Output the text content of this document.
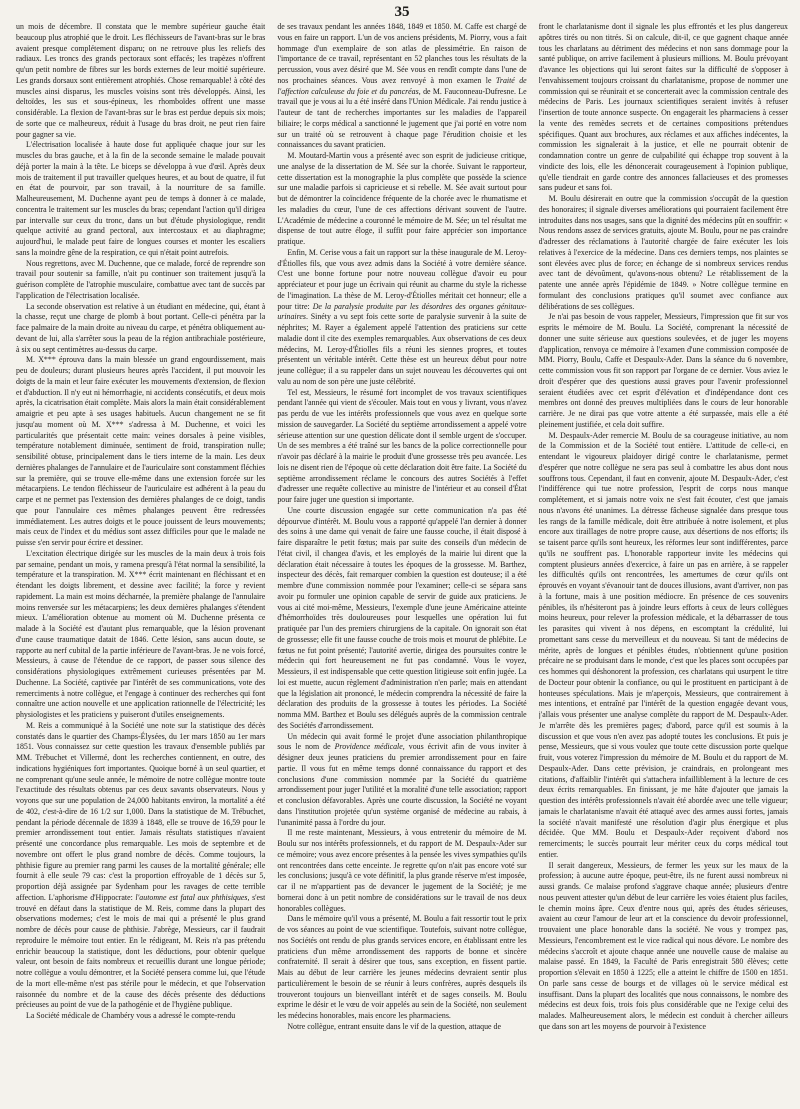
35

un mois de décembre. Il constata que le membre supérieur gauche était beaucoup plus atrophié que le droit. Les fléchisseurs de l'avant-bras sur le bras avaient presque complétement disparu; on ne retrouve plus les reliefs des radiaux. Les troncs des grands pectoraux sont effacés; les trapèzes n'offrent qu'un petit nombre de fibres sur les bords externes de leur moitié supérieure. Les grands dorsaux sont entièrement atrophiés. Chose remarquable! à côté des muscles ainsi disparus, les muscles voisins sont très développés. Ainsi, les deltoïdes, les sus et sous-épineux, les rhomboïdes offrent une masse considérable. La flexion de l'avant-bras sur le bras est perdue depuis six mois; de sorte que ce malheureux, réduit à l'usage du bras droit, ne peut rien faire pour gagner sa vie.

L'électrisation localisée à haute dose fut appliquée chaque jour sur les muscles du bras gauche, et à la fin de la seconde semaine le malade pouvait déjà porter la main à la tête. Le biceps se développa à vue d'œil. Après deux mois de traitement il put travailler quelques heures, et au bout de quatre, il fut en état de pourvoir, par son travail, à la nourriture de sa famille. Malheureusement, M. Duchenne ayant peu de temps à donner à ce malade, concentra le traitement sur les muscles du bras; cependant l'action qu'il dirigea par intervalle sur ceux du tronc, dans un but d'étude physiologique, rendit quelque activité au grand pectoral, aux intercostaux et au diaphragme; aujourd'hui, le malade peut faire de longues courses et monter les escaliers sans la moindre gêne de la respiration, ce qui n'était point autrefois.

Nous regrettons, avec M. Duchenne, que ce malade, forcé de reprendre son travail pour soutenir sa famille, n'ait pu continuer son traitement jusqu'à la guérison complète de l'atrophie musculaire, combattue avec tant de succès par l'application de l'électrisation localisée.

La seconde observation est relative à un étudiant en médecine, qui, étant à la chasse, reçut une charge de plomb à bout portant. Celle-ci pénétra par la face palmaire de la main droite au niveau du carpe, et pénétra obliquement au-devant de lui, alla s'arrêter sous la peau de la région antibrachiale postérieure, à six ou sept centimètres au-dessus du carpe.

M. X*** éprouva dans la main blessée un grand engourdissement, mais peu de douleurs; durant plusieurs heures après l'accident, il put mouvoir les doigts de la main et leur faire exécuter les mouvements d'extension, de flexion et d'abduction. Il n'y eut ni hémorrhagie, ni accidents consécutifs, et deux mois après, la cicatrisation était complète. Mais alors la main était considérablement amaigrie et peu apte à ses usages habituels. Aucun changement ne se fit jusqu'au moment où M. X*** s'adressa à M. Duchenne, et voici les particularités que présentait cette main: veines dorsales à peine visibles, température notablement diminuée, sentiment de froid, transpiration nulle; sensibilité obtuse, principalement dans le tiers interne de la main. Les deux dernières phalanges de l'annulaire et de l'auriculaire sont constamment fléchies sur la première, qui se trouve elle-même dans une extension forcée sur les métacarpiens. Le tendon fléchisseur de l'auriculaire est adhérent à la peau du carpe et ne permet pas l'extension des dernières phalanges de ce doigt, tandis que pour l'annulaire ces mêmes phalanges peuvent être redressées immédiatement. Les autres doigts et le pouce jouissent de leurs mouvements; mais ceux de l'index et du médius sont assez difficiles pour que le malade ne puisse s'en servir pour écrire et dessiner.

L'excitation électrique dirigée sur les muscles de la main deux à trois fois par semaine, pendant un mois, y ramena presqu'à l'état normal la sensibilité, la température et la transpiration. M. X*** écrit maintenant en fléchissant et en étendant les doigts librement, et dessine avec facilité; la force y revient rapidement. La main est moins décharnée, la première phalange de l'annulaire moins renversée sur les métacarpiens; les deux dernières phalanges s'étendent mieux. L'amélioration obtenue au moment où M. Duchenne présenta ce malade à la Société est d'autant plus remarquable, que la lésion provenant d'une cause traumatique datait de 1846. Cette lésion, sans aucun doute, se rapporte au nerf cubital de la partie inférieure de l'avant-bras. Je ne vois forcé, Messieurs, à cause de l'étendue de ce rapport, de passer sous silence des considérations physiologiques extrêmement curieuses présentées par M. Duchenne. La Société, captivée par l'intérêt de ses communications, vote des remerciments à notre collègue, et l'engage à continuer des recherches qui font connaître une action nouvelle et une application rationnelle de l'électricité; les physiologistes et les praticiens y puiseront d'utiles enseignements.

M. Reis a communiqué à la Société une note sur la statistique des décès constatés dans le quartier des Champs-Élysées, du 1er mars 1850 au 1er mars 1851. Vous connaissez sur cette question les travaux d'ensemble publiés par MM. Trébuchet et Villermé, dont les recherches contiennent, en outre, des indications hygiéniques fort importantes. Quoique borné à un seul quartier, et ne comprenant qu'une seule année, le mémoire de notre collègue montre toute l'exactitude des résultats obtenus par ces deux savants observateurs. Nous y voyons que sur une population de 24,000 habitants environ, la mortalité a été de 402, c'est-à-dire de 16 1/2 sur 1,000. Dans la statistique de M. Trébuchet, pendant la période décennale de 1839 à 1848, elle se trouve de 16,59 pour le premier arrondissement tout entier. Jamais résultats statistiques n'avaient présenté une concordance plus remarquable. Les mois de septembre et de novembre ont offert le plus grand nombre de décès. Comme toujours, la phthisie figure au premier rang parmi les causes de la mortalité générale; elle fournit à elle seule 79 cas: c'est la proportion effroyable de 1 décès sur 5, proportion déjà assignée par Sydenham pour les ravages de cette terrible affection. L'aphorisme d'Hippocrate: l'automne est fatal aux phthisiques, s'est trouvé en défaut dans la statistique de M. Reis, comme dans la plupart des observations modernes; c'est le mois de mai qui a présenté le plus grand nombre de décès pour cause de phthisie. J'abrège, Messieurs, car il faudrait reproduire le mémoire tout entier. En le rédigeant, M. Reis n'a pas prétendu enrichir beaucoup la statistique, dont les déductions, pour obtenir quelque valeur, ont besoin de faits nombreux et recueillis durant une longue période; notre collègue a voulu démontrer, et la Société pensera comme lui, que l'étude de la mort elle-même n'est pas stérile pour le médecin, et que l'observation raisonnée du nombre et de la cause des décès présente des déductions précieuses au point de vue de la pathogénie et de l'hygiène publique.

La Société médicale de Chambéry vous a adressé le compte-rendu

de ses travaux pendant les années 1848, 1849 et 1850. M. Caffe est chargé de vous en faire un rapport. L'un de vos anciens présidents, M. Piorry, vous a fait hommage d'un exemplaire de son atlas de plessimétrie. En raison de l'importance de ce travail, représentant en 52 planches tous les résultats de la percussion, vous avez désiré que M. Sée vous en rendît compte dans l'une de nos prochaines séances. Vous avez renvoyé à mon examen le Traité de l'affection calculeuse du foie et du pancréas, de M. Fauconneau-Dufresne. Le travail que je vous ai lu a été inséré dans l'Union Médicale. J'ai rendu justice à l'auteur de tant de recherches importantes sur les maladies de l'appareil biliaire; le corps médical a sanctionné le jugement que j'ai porté en votre nom sur un traité où se retrouvent à chaque page l'érudition choisie et les connaissances du savant praticien.

M. Moutard-Martin vous a présenté avec son esprit de judicieuse critique, une analyse de la dissertation de M. Sée sur la chorée. Suivant le rapporteur, cette dissertation est la monographie la plus complète que possède la science sur une maladie parfois si capricieuse et si rebelle. M. Sée avait surtout pour but de démontrer la coïncidence fréquente de la chorée avec le rhumatisme et les maladies du cœur, l'une de ces affections dérivant souvent de l'autre. L'Académie de médecine a couronné le mémoire de M. Sée; un tel résultat me dispense de tout autre éloge, il suffit pour faire apprécier son importance pratique.

Enfin, M. Cerise vous a fait un rapport sur la thèse inaugurale de M. Leroy-d'Étiolles fils, que vous avez admis dans la Société à votre dernière séance. C'est une bonne fortune pour notre nouveau collègue d'avoir eu pour appréciateur et pour juge un écrivain qui réunit au charme du style la richesse de l'imagination. La thèse de M. Leroy-d'Étiolles méritait cet honneur; elle a pour titre: De la paralysie produite par les désordres des organes génitaux-urinaires. Sinéty a vu sept fois cette sorte de paralysie survenir à la suite de néphrites; M. Rayer a également appelé l'attention des praticiens sur cette maladie dont il cite des exemples remarquables. Aux observations de ces deux médecins, M. Leroy-d'Étiolles fils a réuni les siennes propres, et toutes présentent un véritable intérêt. Cette thèse est un heureux début pour notre jeune collègue; il a su rappeler dans un sujet nouveau les découvertes qui ont valu au nom de son père une juste célébrité.

Tel est, Messieurs, le résumé fort incomplet de vos travaux scientifiques pendant l'année qui vient de s'écouler. Mais tout en vous y livrant, vous n'avez pas perdu de vue les intérêts professionnels que vous avez en quelque sorte mission de sauvegarder. La Société du septième arrondissement a appelé votre sérieuse attention sur une question délicate dont il semble urgent de s'occuper. Un de ses membres a été traîné sur les bancs de la police correctionnelle pour n'avoir pas déclaré à la mairie le produit d'une grossesse très peu avancée. Les lois ne disent rien de l'époque où cette déclaration doit être faite. La Société du septième arrondissement réclame le concours des autres Sociétés à l'effet d'adresser une requête collective au ministre de l'intérieur et au conseil d'État pour faire juger une question si importante.

Une courte discussion engagée sur cette communication n'a pas été dépourvue d'intérêt. M. Boulu vous a rapporté qu'appelé l'an dernier à donner des soins à une dame qui venait de faire une fausse couche, il était disposé à faire disparaître le petit fœtus; mais par suite des conseils d'un médecin de l'état civil, il changea d'avis, et les employés de la mairie lui dirent que la déclaration était nécessaire à toutes les époques de la grossesse. M. Barthez, inspecteur des décès, fait remarquer combien la question est douteuse; il a été membre d'une commission nommée pour l'examiner; celle-ci se sépara sans avoir pu formuler une opinion capable de servir de guide aux praticiens. Je vous ai cité moi-même, Messieurs, l'exemple d'une jeune Américaine atteinte d'hémorrhoïdes très douloureuses pour lesquelles une opération lui fut pratiquée par l'un des premiers chirurgiens de la capitale. On ignorait son état de grossesse; elle fit une fausse couche de trois mois et mourut de phlébite. Le fœtus ne fut point présenté; l'autorité avertie, dirigea des poursuites contre le médecin qui fort heureusement ne fut pas condamné. Vous le voyez, Messieurs, il est indispensable que cette question litigieuse soit enfin jugée. La loi est muette, aucun règlement d'administration n'en parle; mais en attendant que la législation ait prononcé, le médecin comprendra la nécessité de faire la déclaration des produits de la grossesse à toutes les périodes. La Société nomma MM. Barthez et Boulu ses délégués auprès de la commission centrale des Sociétés d'arrondissement.

Un médecin qui avait formé le projet d'une association philanthropique sous le nom de Providence médicale, vous écrivit afin de vous inviter à désigner deux jeunes praticiens du premier arrondissement pour en faire partie. Il vous fut en même temps donné connaissance du rapport et des conclusions d'une commission nommée par la Société du quatrième arrondissement pour juger l'utilité et la moralité d'une telle association; rapport et conclusion défavorables. Après une courte discussion, la Société ne voyant dans l'institution projetée qu'un système organisé de médecine au rabais, à l'unanimité passa à l'ordre du jour.

Il me reste maintenant, Messieurs, à vous entretenir du mémoire de M. Boulu sur nos intérêts professionnels, et du rapport de M. Despaulx-Ader sur ce mémoire; vous avez encore présentes à la pensée les vives sympathies qu'ils ont rencontrées dans cette enceinte. Je regrette qu'on n'ait pas encore voté sur les conclusions; jusqu'à ce vote définitif, la plus grande réserve m'est imposée, car il ne m'appartient pas de devancer le jugement de la Société; je me bornerai donc à un petit nombre de considérations sur le travail de nos deux honorables collègues.

Dans le mémoire qu'il vous a présenté, M. Boulu a fait ressortir tout le prix de vos séances au point de vue scientifique. Toutefois, suivant notre collègue, nos Sociétés ont rendu de plus grands services encore, en établissant entre les praticiens d'un même arrondissement des rapports de bonne et sincère confraternité. Il serait à désirer que tous, sans exception, en fissent partie. Mais au début de leur carrière les jeunes médecins devraient sentir plus particulièrement le besoin de se réunir à leurs confrères, auprès desquels ils trouveront toujours un bienveillant intérêt et de sages conseils. M. Boulu exprime le désir et le vœu de voir appelés au sein de la Société, non seulement les médecins honorables, mais encore les pharmaciens.

Notre collègue, entrant ensuite dans le vif de la question, attaque de

front le charlatanisme dont il signale les plus effrontés et les plus dangereux apôtres tirés ou non titrés. Si on calcule, dit-il, ce que gagnent chaque année tous les charlatans au détriment des médecins et non sans dommage pour la santé publique, on arrive facilement à plusieurs millions. M. Boulu prévoyant d'avance les objections qui lui seront faites sur la difficulté de s'opposer à l'envahissement toujours croissant du charlatanisme, propose de nommer une commission qui se réunirait et se concerterait avec la commission centrale des médecins de Paris. Les journaux scientifiques seraient invités à refuser l'insertion de toute annonce suspecte. On engagerait les pharmaciens à cesser la vente des remèdes secrets et de certaines compositions prétendues spécifiques. Quant aux brochures, aux réclames et aux affiches indécentes, la commission les signalerait à la justice, et elle ne pourrait obtenir de condamnation contre un genre de culpabilité qui échappe trop souvent à la vindicte des lois, elle les dénoncerait courageusement à l'opinion publique, qu'elle tiendrait en garde contre des annonces fallacieuses et des promesses sans pudeur et sans foi.

M. Boulu désirerait en outre que la commission s'occupât de la question des honoraires; il signale diverses améliorations qui pourraient facilement être introduites dans nos usages, sans que la dignité des médecins pût en souffrir: « Nous rendons assez de services gratuits, ajoute M. Boulu, pour ne pas craindre d'adresser des réclamations à l'autorité chargée de faire exécuter les lois relatives à l'exercice de la médecine. Dans ces derniers temps, nos plaintes se sont élevées avec plus de force; en échange de si nombreux services rendus avec tant de dévoûment, qu'avons-nous obtenu? Le rétablissement de la patente une année après l'épidémie de 1849. » Notre collègue termine en formulant des conclusions pratiques qu'il soumet avec confiance aux délibérations de ses collègues.

Je n'ai pas besoin de vous rappeler, Messieurs, l'impression que fit sur vos esprits le mémoire de M. Boulu. La Société, comprenant la nécessité de donner une suite sérieuse aux questions soulevées, et de juger les moyens d'application, renvoya ce mémoire à l'examen d'une commission composée de MM. Piorry, Boulu, Caffe et Despaulx-Ader. Dans la séance du 6 novembre, cette commission vous fit son rapport par l'organe de ce dernier. Vous aviez le droit d'espérer que des questions aussi graves pour l'avenir professionnel seraient étudiées avec cet esprit d'élévation et d'indépendance dont ces membres ont donné des preuves multipliées dans le cours de leur honorable carrière. Je ne dirai pas que votre attente a été surpassée, mais elle a été pleinement justifiée, et cela doit suffire.

M. Despaulx-Ader remercie M. Boulu de sa courageuse initiative, au nom de la Commission et de la Société tout entière. L'attitude de celle-ci, en entendant le vigoureux plaidoyer dirigé contre le charlatanisme, permet d'espérer que notre collègue ne sera pas seul à combattre les abus dont nous souffrons tous. Cependant, il faut en convenir, ajoute M. Despaulx-Ader, c'est l'indifférence qui tue notre profession, l'esprit de corps nous manque complétement, et si jamais notre voix ne s'est fait écouter, c'est que jamais nous n'avons été unanimes. La détresse fâcheuse signalée dans presque tous les rangs de la famille médicale, doit être attribuée à notre isolement, et plus encore aux tiraillages de notre propre cause, aux désertions de nos efforts; ils se taisent parce qu'ils sont heureux, les réformes leur sont indifférentes, parce qu'ils ne souffrent pas. L'honorable rapporteur invite les médecins qui comptent plusieurs années d'exercice, à faire un pas en arrière, à se rappeler les difficultés qu'ils ont rencontrées, les amertumes de cœur qu'ils ont éprouvés en voyant s'évanouir tant de douces illusions, avant d'arriver, non pas à la fortune, mais à une position médiocre. En présence de ces souvenirs pénibles, ils n'hésiteront pas à joindre leurs efforts à ceux de leurs collègues moins heureux, pour relever la profession médicale, et la débarrasser de tous les parasites qui vivent à nos dépens, en escomptant la crédulité, lui promettant sans cesse du merveilleux et du nouveau. Si tant de médecins de mérite, après de longues et pénibles études, n'obtiennent qu'une position précaire ne se produisant dans le monde, c'est que les places sont occupées par ces hommes qui déshonorent la profession, ces charlatans qui usurpent le titre de Docteur pour obtenir la confiance, ou qui le prostituent en participant à de honteuses spéculations. Mais je m'aperçois, Messieurs, que contrairement à mes intentions, et entraîné par l'intérêt de la question engagée devant vous, j'allais vous présenter une analyse complète du rapport de M. Despaulx-Ader. Je m'arrête dès les premières pages; d'abord, parce qu'il est soumis à la discussion et que vous n'en avez pas adopté toutes les conclusions. Et puis je pense, Messieurs, que si vous voulez que toute cette discussion porte quelque fruit, vous voterez l'impression du mémoire de M. Boulu et du rapport de M. Despaulx-Ader. Dans cette prévision, je craindrais, en prolongeant mes citations, d'affaiblir l'intérêt qui s'attachera infailliblement à la lecture de ces deux écrits remarquables. En finissant, je me hâte d'ajouter que jamais la question des intérêts professionnels n'avait été abordée avec une telle vigueur; jamais le charlatanisme n'avait été attaqué avec des armes aussi fortes, jamais la société n'avait manifesté une résolution d'agir plus énergique et plus décidée. Que MM. Boulu et Despaulx-Ader reçoivent d'abord nos remerciments; le succès pourrait leur mériter ceux du corps médical tout entier.

Il serait dangereux, Messieurs, de fermer les yeux sur les maux de la profession; à aucune autre époque, peut-être, ils ne furent aussi nombreux ni aussi grands. Ce malaise profond s'aggrave chaque année; plusieurs d'entre nous peuvent attester qu'un début de leur carrière les voies étaient plus faciles, le chemin moins âpre. Ceux d'entre nous qui, après des études sérieuses, avaient au cœur l'amour de leur art et la conscience du devoir professionnel, trouvaient une place honorable dans la société. Ne vous y trompez pas, Messieurs, l'encombrement est le vice radical qui nous dévore. Le nombre des médecins s'accroît et ajoute chaque année une nouvelle cause de malaise au malaise passé. En 1849, la Faculté de Paris enregistrait 580 élèves; cette proportion s'élevait en 1850 à 1225; elle a atteint le chiffre de 1500 en 1851. On parle sans cesse de bourgs et de villages où le service médical est insuffisant. Dans la plupart des localités que nous connaissons, le nombre des médecins est deux fois, trois fois plus considérable que ne l'exige celui des malades. Malheureusement alors, le médecin est conduit à chercher ailleurs que dans son art les moyens de pourvoir à l'existence
